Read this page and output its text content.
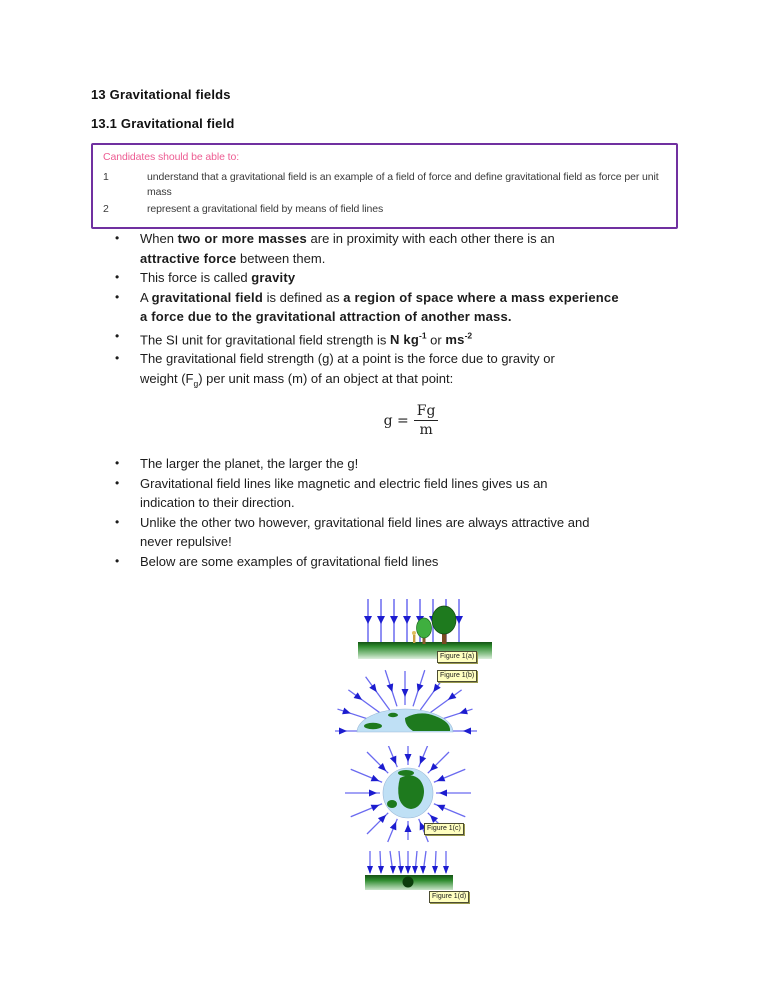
13 Gravitational fields
13.1 Gravitational field
Candidates should be able to:
1	understand that a gravitational field is an example of a field of force and define gravitational field as force per unit mass
2	represent a gravitational field by means of field lines
•	When two or more masses are in proximity with each other there is an
attractive force between them.
•	This force is called gravity
•	A gravitational field is defined as a region of space where a mass experience
a force due to the gravitational attraction of another mass.
•	The SI unit for gravitational field strength is N $kg^{-1}$ or $ms^{-2}$
•	The gravitational field strength (g) at a point is the force due to gravity or
weight $(F_g)$ per unit mass (m) of an object at that point:
$g = \frac{Fg}{m}$
•	The larger the planet, the larger the g!
•	Gravitational field lines like magnetic and electric field lines gives us an
indication to their direction.
•	Unlike the other two however, gravitational field lines are always attractive and
never repulsive!
•	Below are some examples of gravitational field lines
Figure 1(a)
Figure 1(b)
Figure 1(c)
Figure 1(d)
